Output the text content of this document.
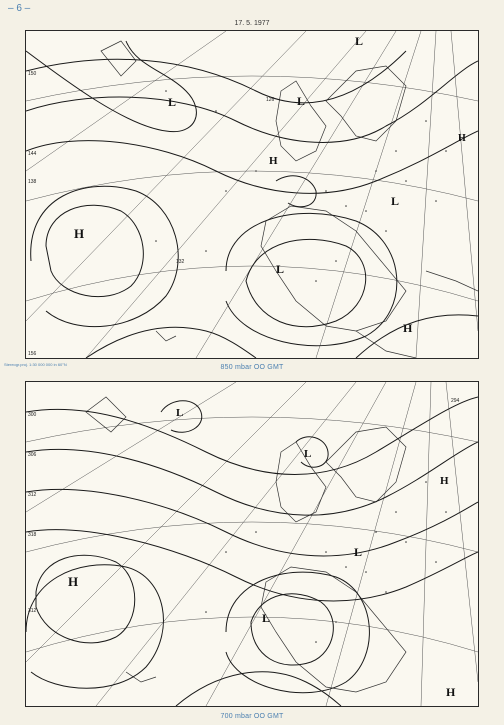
– 6 –
17. 5. 1977
150
144
138
126
132
156
H
H
H
H
L	L
L
L
L
Stereogr.proj. 1:30 000 000 in 60°N	850 mbar OO GMT
300
306
312
318
294
312
H
H
H
L
L
L
L
700 mbar OO GMT
